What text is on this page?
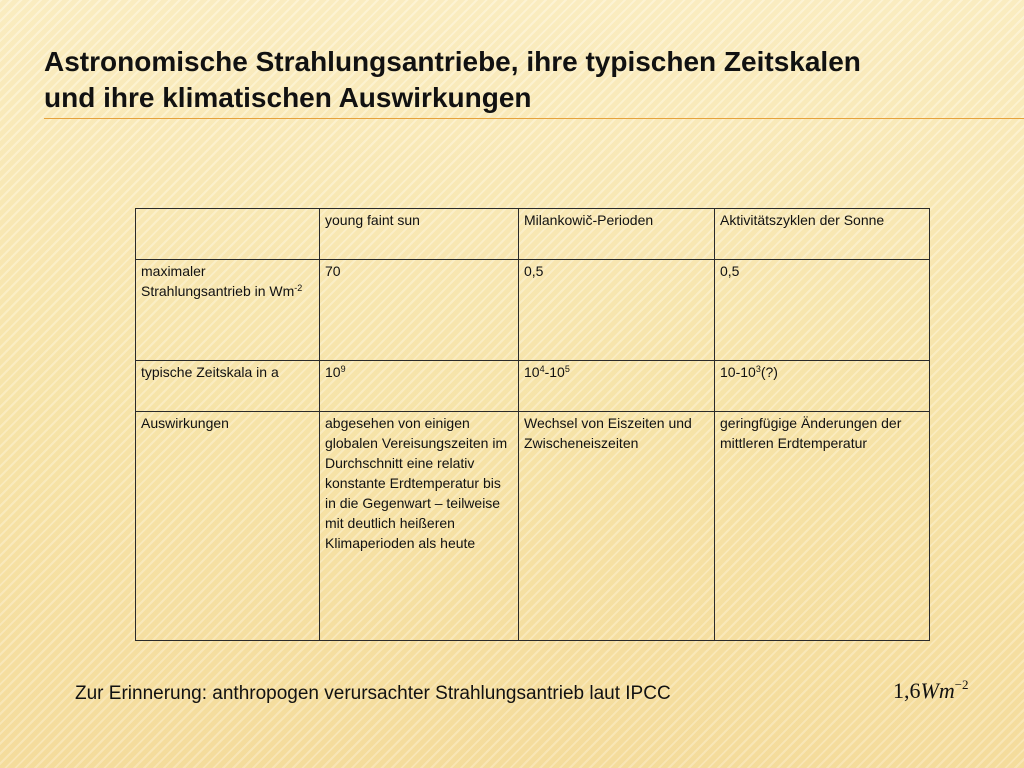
Astronomische Strahlungsantriebe, ihre typischen Zeitskalen
und ihre klimatischen Auswirkungen
	young faint sun	Milankowič-Perioden	Aktivitätszyklen der Sonne
maximaler Strahlungsantrieb in $Wm^{-2}$	70	0,5	0,5
typische Zeitskala in a	$10^9$	$10^4-10^5$	$10-10^3(?)$
Auswirkungen	abgesehen von einigen globalen Vereisungszeiten im Durchschnitt eine relativ konstante Erdtemperatur bis in die Gegenwart – teilweise mit deutlich heißeren Klimaperioden als heute	Wechsel von Eiszeiten und Zwischeneiszeiten	geringfügige Änderungen der mittleren Erdtemperatur
Zur Erinnerung: anthropogen verursachter Strahlungsantrieb laut IPCC	$1,6Wm^{-2}$
